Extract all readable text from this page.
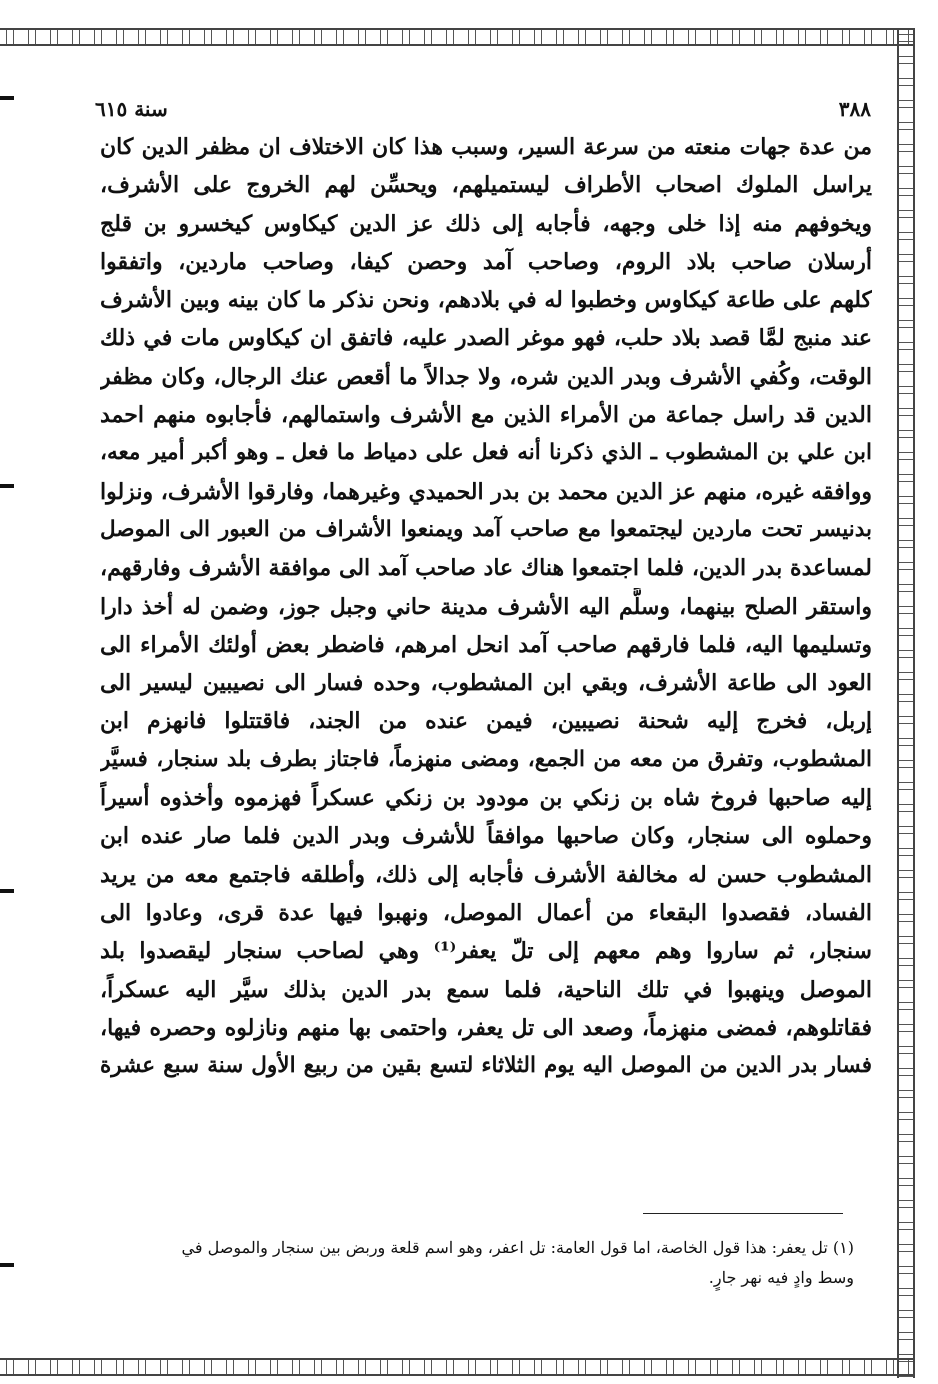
٣٨٨
سنة ٦١٥
من عدة جهات منعته من سرعة السير، وسبب هذا كان الاختلاف ان مظفر الدين كان
يراسل الملوك اصحاب الأطراف ليستميلهم، ويحسِّن لهم الخروج على الأشرف،
ويخوفهم منه إذا خلى وجهه، فأجابه إلى ذلك عز الدين كيكاوس كيخسرو بن قلج
أرسلان صاحب بلاد الروم، وصاحب آمد وحصن كيفا، وصاحب ماردين، واتفقوا
كلهم على طاعة كيكاوس وخطبوا له في بلادهم، ونحن نذكر ما كان بينه وبين الأشرف
عند منبج لمَّا قصد بلاد حلب، فهو موغر الصدر عليه، فاتفق ان كيكاوس مات في ذلك
الوقت، وكُفي الأشرف وبدر الدين شره، ولا جدالاً ما أقعص عنك الرجال، وكان مظفر
الدين قد راسل جماعة من الأمراء الذين مع الأشرف واستمالهم، فأجابوه منهم احمد
ابن علي بن المشطوب ـ الذي ذكرنا أنه فعل على دمياط ما فعل ـ وهو أكبر أمير معه،
ووافقه غيره، منهم عز الدين محمد بن بدر الحميدي وغيرهما، وفارقوا الأشرف، ونزلوا
بدنيسر تحت ماردين ليجتمعوا مع صاحب آمد ويمنعوا الأشراف من العبور الى الموصل
لمساعدة بدر الدين، فلما اجتمعوا هناك عاد صاحب آمد الى موافقة الأشرف وفارقهم،
واستقر الصلح بينهما، وسلَّم اليه الأشرف مدينة حاني وجبل جوز، وضمن له أخذ دارا
وتسليمها اليه، فلما فارقهم صاحب آمد انحل امرهم، فاضطر بعض أولئك الأمراء الى
العود الى طاعة الأشرف، وبقي ابن المشطوب، وحده فسار الى نصيبين ليسير الى
إربل، فخرج إليه شحنة نصيبين، فيمن عنده من الجند، فاقتتلوا فانهزم ابن
المشطوب، وتفرق من معه من الجمع، ومضى منهزماً، فاجتاز بطرف بلد سنجار، فسيَّر
إليه صاحبها فروخ شاه بن زنكي بن مودود بن زنكي عسكراً فهزموه وأخذوه أسيراً
وحملوه الى سنجار، وكان صاحبها موافقاً للأشرف وبدر الدين فلما صار عنده ابن
المشطوب حسن له مخالفة الأشرف فأجابه إلى ذلك، وأطلقه فاجتمع معه من يريد
الفساد، فقصدوا البقعاء من أعمال الموصل، ونهبوا فيها عدة قرى، وعادوا الى
سنجار، ثم ساروا وهم معهم إلى تلّ يعفر⁽¹⁾ وهي لصاحب سنجار ليقصدوا بلد
الموصل وينهبوا في تلك الناحية، فلما سمع بدر الدين بذلك سيَّر اليه عسكراً،
فقاتلوهم، فمضى منهزماً، وصعد الى تل يعفر، واحتمى بها منهم ونازلوه وحصره فيها،
فسار بدر الدين من الموصل اليه يوم الثلاثاء لتسع بقين من ربيع الأول سنة سبع عشرة
(١) تل يعفر: هذا قول الخاصة، اما قول العامة: تل اعفر، وهو اسم قلعة وربض بين سنجار والموصل في
وسط وادٍ فيه نهر جارٍ.
